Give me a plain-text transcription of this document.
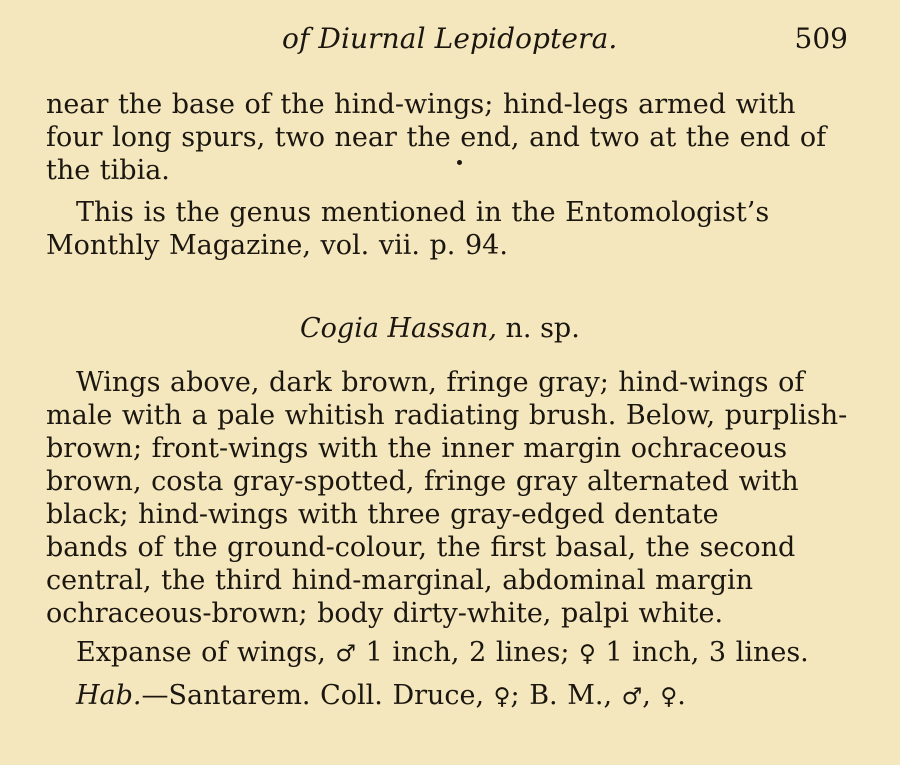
of Diurnal Lepidoptera.	509
near the base of the hind-wings; hind-legs armed with
four long spurs, two near the end, and two at the end of
the tibia.
This is the genus mentioned in the Entomologist’s
Monthly Magazine, vol. vii. p. 94.
Cogia Hassan, n. sp.
Wings above, dark brown, fringe gray; hind-wings of
male with a pale whitish radiating brush. Below, purplish-
brown; front-wings with the inner margin ochraceous
brown, costa gray-spotted, fringe gray alternated with
black; hind-wings with three gray-edged dentate
bands of the ground-colour, the first basal, the second
central, the third hind-marginal, abdominal margin
ochraceous-brown; body dirty-white, palpi white.
Expanse of wings, ♂ 1 inch, 2 lines; ♀ 1 inch, 3 lines.
Hab.—Santarem. Coll. Druce, ♀; B. M., ♂, ♀.
